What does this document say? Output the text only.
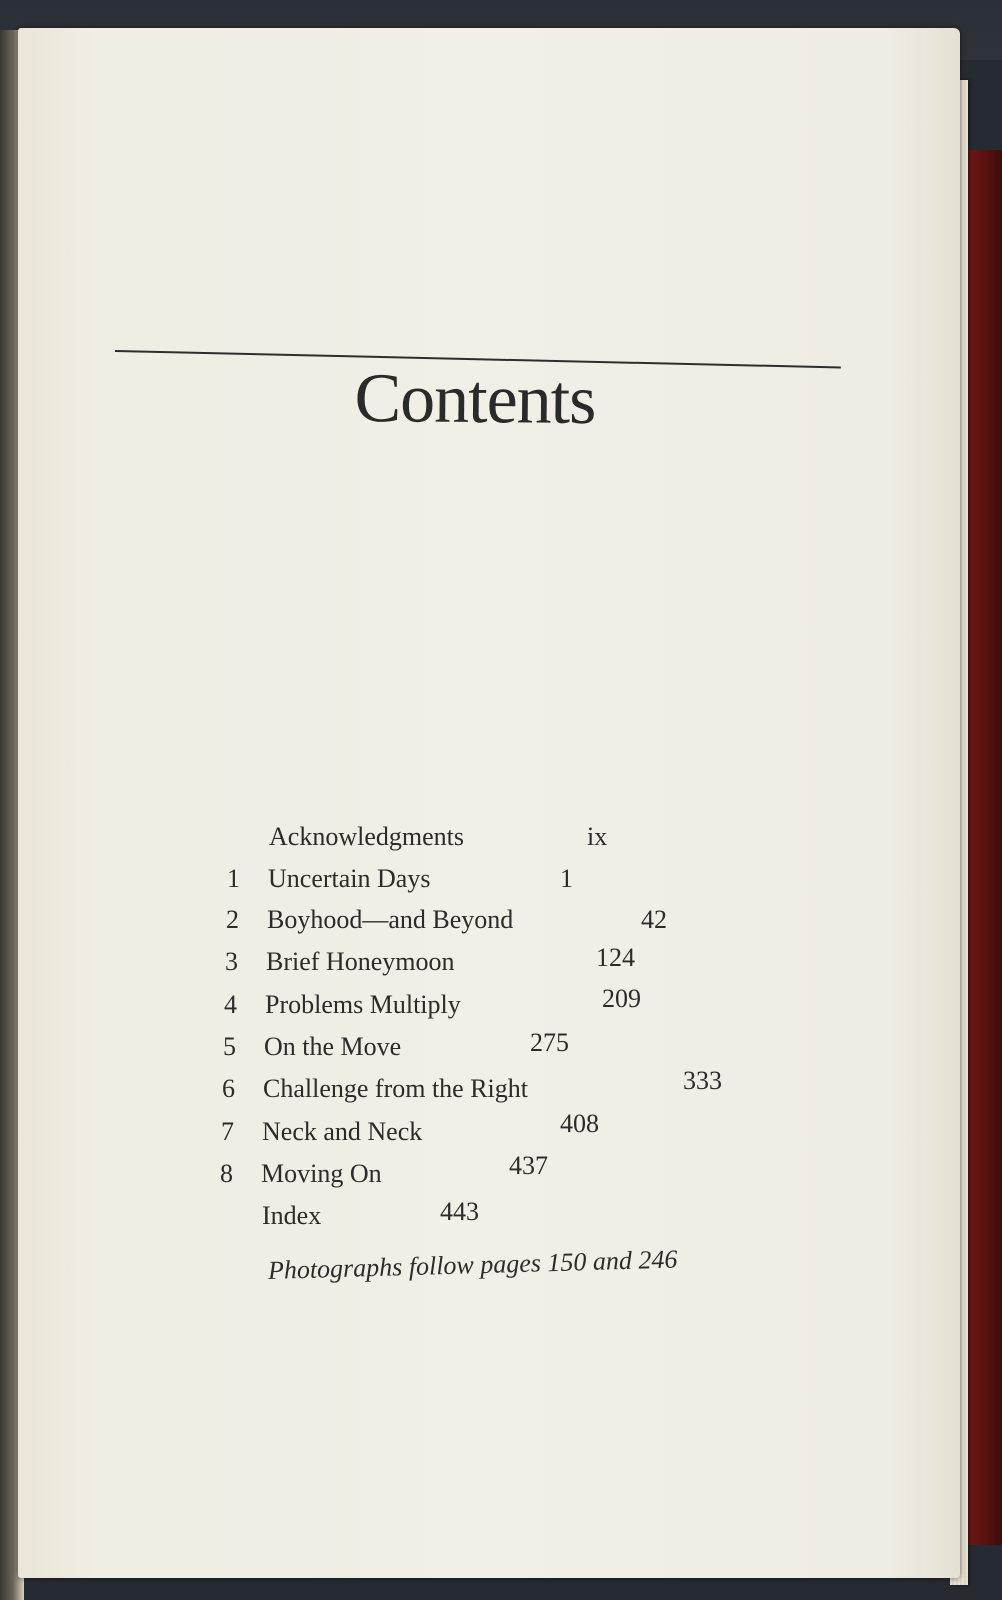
Contents
Acknowledgments	ix
1 Uncertain Days	1
2 Boyhood—and Beyond	42
3 Brief Honeymoon	124
4 Problems Multiply	209
5 On the Move	275
6 Challenge from the Right	333
7 Neck and Neck	408
8 Moving On	437
Index	443
Photographs follow pages 150 and 246
